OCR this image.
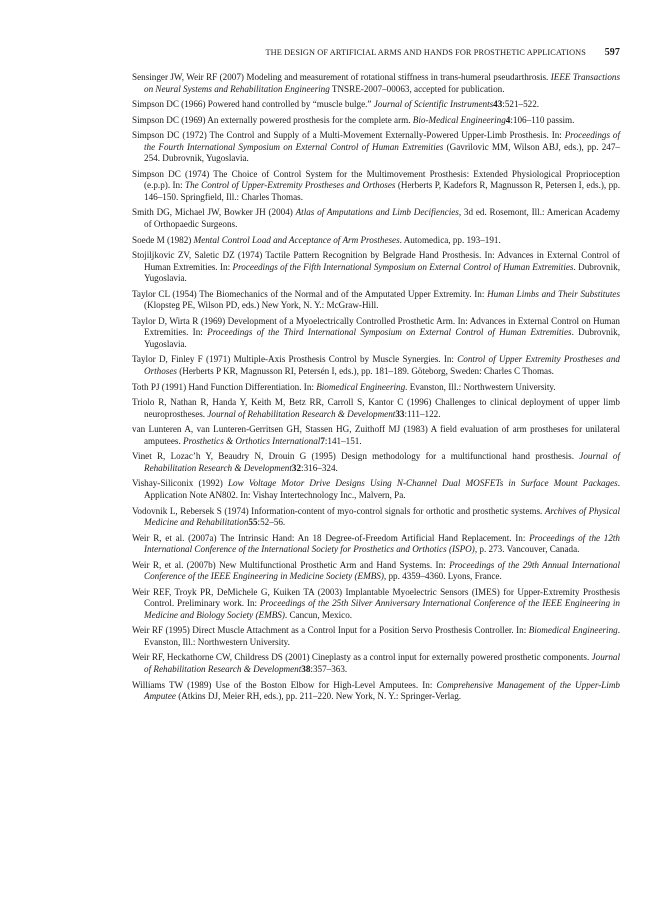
THE DESIGN OF ARTIFICIAL ARMS AND HANDS FOR PROSTHETIC APPLICATIONS 597
Sensinger JW, Weir RF (2007) Modeling and measurement of rotational stiffness in trans-humeral pseudarthrosis. IEEE Transactions on Neural Systems and Rehabilitation Engineering TNSRE-2007–00063, accepted for publication.
Simpson DC (1966) Powered hand controlled by “muscle bulge.” Journal of Scientific Instruments43:521–522.
Simpson DC (1969) An externally powered prosthesis for the complete arm. Bio-Medical Engineering4:106–110 passim.
Simpson DC (1972) The Control and Supply of a Multi-Movement Externally-Powered Upper-Limb Prosthesis. In: Proceedings of the Fourth International Symposium on External Control of Human Extremities (Gavrilovic MM, Wilson ABJ, eds.), pp. 247–254. Dubrovnik, Yugoslavia.
Simpson DC (1974) The Choice of Control System for the Multimovement Prosthesis: Extended Physiological Proprioception (e.p.p). In: The Control of Upper-Extremity Prostheses and Orthoses (Herberts P, Kadefors R, Magnusson R, Petersen I, eds.), pp. 146–150. Springfield, Ill.: Charles Thomas.
Smith DG, Michael JW, Bowker JH (2004) Atlas of Amputations and Limb Decifiencies, 3d ed. Rosemont, Ill.: American Academy of Orthopaedic Surgeons.
Soede M (1982) Mental Control Load and Acceptance of Arm Prostheses. Automedica, pp. 193–191.
Stojiljkovic ZV, Saletic DZ (1974) Tactile Pattern Recognition by Belgrade Hand Prosthesis. In: Advances in External Control of Human Extremities. In: Proceedings of the Fifth International Symposium on External Control of Human Extremities. Dubrovnik, Yugoslavia.
Taylor CL (1954) The Biomechanics of the Normal and of the Amputated Upper Extremity. In: Human Limbs and Their Substitutes (Klopsteg PE, Wilson PD, eds.) New York, N. Y.: McGraw-Hill.
Taylor D, Wirta R (1969) Development of a Myoelectrically Controlled Prosthetic Arm. In: Advances in External Control on Human Extremities. In: Proceedings of the Third International Symposium on External Control of Human Extremities. Dubrovnik, Yugoslavia.
Taylor D, Finley F (1971) Multiple-Axis Prosthesis Control by Muscle Synergies. In: Control of Upper Extremity Prostheses and Orthoses (Herberts P KR, Magnusson RI, Petersén I, eds.), pp. 181–189. Göteborg, Sweden: Charles C Thomas.
Toth PJ (1991) Hand Function Differentiation. In: Biomedical Engineering. Evanston, Ill.: Northwestern University.
Triolo R, Nathan R, Handa Y, Keith M, Betz RR, Carroll S, Kantor C (1996) Challenges to clinical deployment of upper limb neuroprostheses. Journal of Rehabilitation Research & Development33:111–122.
van Lunteren A, van Lunteren-Gerritsen GH, Stassen HG, Zuithoff MJ (1983) A field evaluation of arm prostheses for unilateral amputees. Prosthetics & Orthotics International7:141–151.
Vinet R, Lozac’h Y, Beaudry N, Drouin G (1995) Design methodology for a multifunctional hand prosthesis. Journal of Rehabilitation Research & Development32:316–324.
Vishay-Siliconix (1992) Low Voltage Motor Drive Designs Using N-Channel Dual MOSFETs in Surface Mount Packages. Application Note AN802. In: Vishay Intertechnology Inc., Malvern, Pa.
Vodovnik L, Rebersek S (1974) Information-content of myo-control signals for orthotic and prosthetic systems. Archives of Physical Medicine and Rehabilitation55:52–56.
Weir R, et al. (2007a) The Intrinsic Hand: An 18 Degree-of-Freedom Artificial Hand Replacement. In: Proceedings of the 12th International Conference of the International Society for Prosthetics and Orthotics (ISPO), p. 273. Vancouver, Canada.
Weir R, et al. (2007b) New Multifunctional Prosthetic Arm and Hand Systems. In: Proceedings of the 29th Annual International Conference of the IEEE Engineering in Medicine Society (EMBS), pp. 4359–4360. Lyons, France.
Weir REF, Troyk PR, DeMichele G, Kuiken TA (2003) Implantable Myoelectric Sensors (IMES) for Upper-Extremity Prosthesis Control. Preliminary work. In: Proceedings of the 25th Silver Anniversary International Conference of the IEEE Engineering in Medicine and Biology Society (EMBS). Cancun, Mexico.
Weir RF (1995) Direct Muscle Attachment as a Control Input for a Position Servo Prosthesis Controller. In: Biomedical Engineering. Evanston, Ill.: Northwestern University.
Weir RF, Heckathorne CW, Childress DS (2001) Cineplasty as a control input for externally powered prosthetic components. Journal of Rehabilitation Research & Development38:357–363.
Williams TW (1989) Use of the Boston Elbow for High-Level Amputees. In: Comprehensive Management of the Upper-Limb Amputee (Atkins DJ, Meier RH, eds.), pp. 211–220. New York, N. Y.: Springer-Verlag.
